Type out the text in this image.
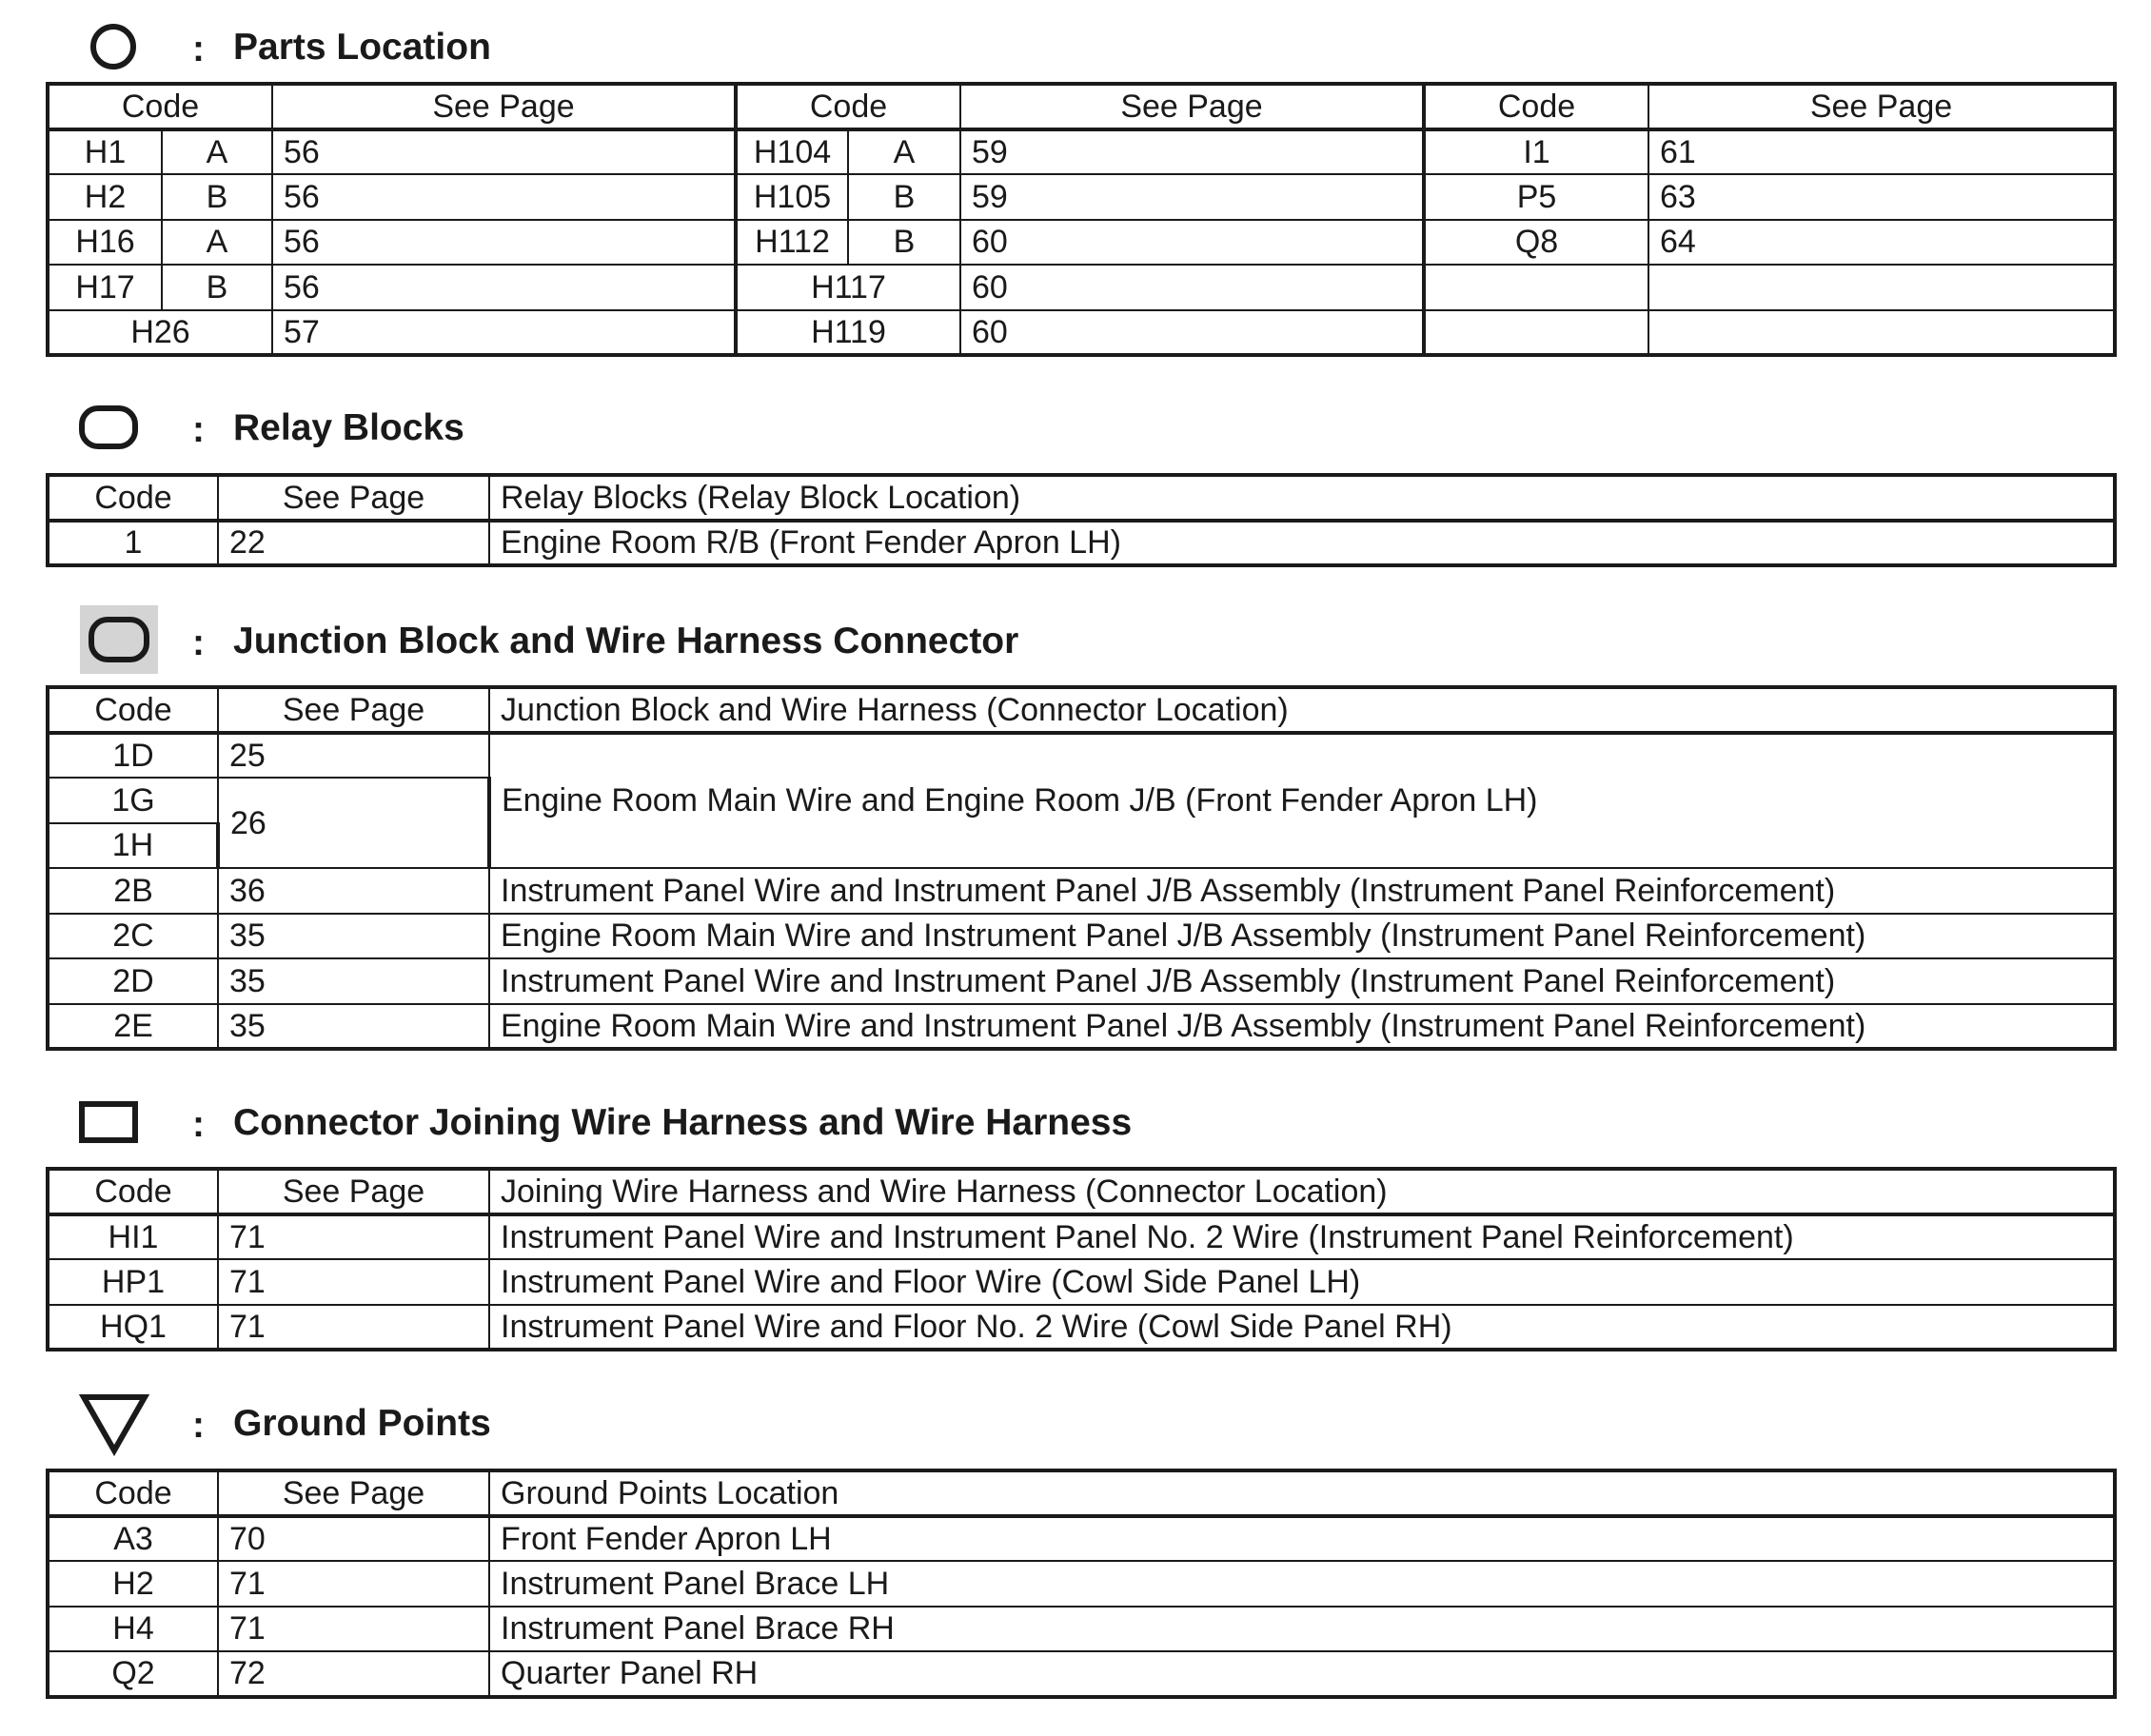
: Parts Location
Code		See Page	Code		See Page	Code	See Page
H1	A	56	H104	A	59	I1	61
H2	B	56	H105	B	59	P5	63
H16	A	56	H112	B	60	Q8	64
H17	B	56	H117		60		
H26		57	H119		60		
: Relay Blocks
Code	See Page	Relay Blocks (Relay Block Location)
1	22	Engine Room R/B (Front Fender Apron LH)
: Junction Block and Wire Harness Connector
Code	See Page	Junction Block and Wire Harness (Connector Location)
1D	25	Engine Room Main Wire and Engine Room J/B (Front Fender Apron LH)
1G	26	
1H		
2B	36	Instrument Panel Wire and Instrument Panel J/B Assembly (Instrument Panel Reinforcement)
2C	35	Engine Room Main Wire and Instrument Panel J/B Assembly (Instrument Panel Reinforcement)
2D	35	Instrument Panel Wire and Instrument Panel J/B Assembly (Instrument Panel Reinforcement)
2E	35	Engine Room Main Wire and Instrument Panel J/B Assembly (Instrument Panel Reinforcement)
: Connector Joining Wire Harness and Wire Harness
Code	See Page	Joining Wire Harness and Wire Harness (Connector Location)
HI1	71	Instrument Panel Wire and Instrument Panel No. 2 Wire (Instrument Panel Reinforcement)
HP1	71	Instrument Panel Wire and Floor Wire (Cowl Side Panel LH)
HQ1	71	Instrument Panel Wire and Floor No. 2 Wire (Cowl Side Panel RH)
: Ground Points
Code	See Page	Ground Points Location
A3	70	Front Fender Apron LH
H2	71	Instrument Panel Brace LH
H4	71	Instrument Panel Brace RH
Q2	72	Quarter Panel RH
